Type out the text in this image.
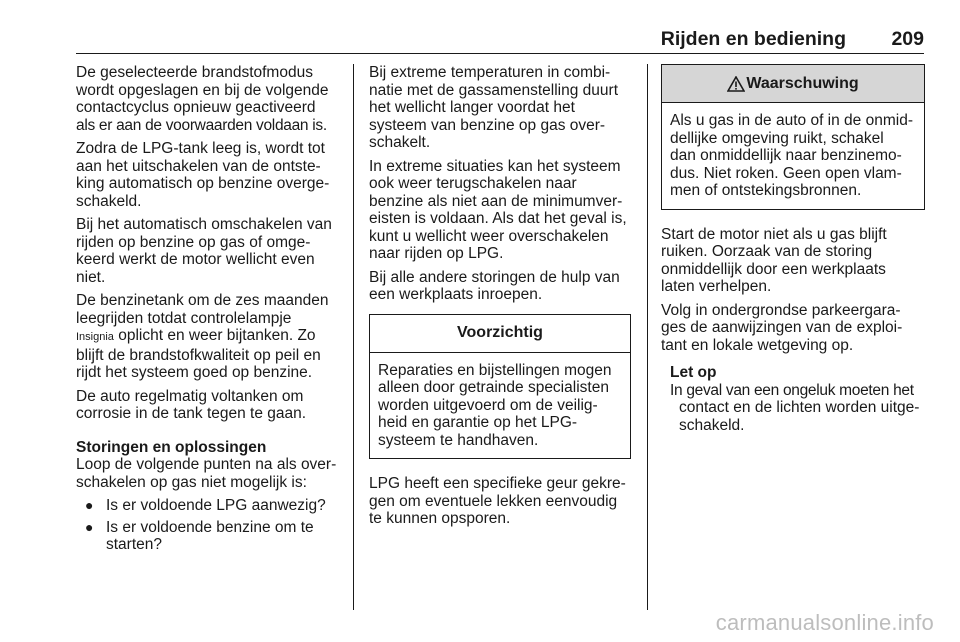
Rijden en bediening 209

De geselecteerde brandstofmodus
wordt opgeslagen en bij de volgende
contactcyclus opnieuw geactiveerd
als er aan de voorwaarden voldaan is.

Zodra de LPG-tank leeg is, wordt tot
aan het uitschakelen van de ontste-
king automatisch op benzine overge-
schakeld.

Bij het automatisch omschakelen van
rijden op benzine op gas of omge-
keerd werkt de motor wellicht even
niet.

De benzinetank om de zes maanden
leegrijden totdat controlelampje
Insignia oplicht en weer bijtanken. Zo
blijft de brandstofkwaliteit op peil en
rijdt het systeem goed op benzine.

De auto regelmatig voltanken om
corrosie in de tank tegen te gaan.

Storingen en oplossingen

Loop de volgende punten na als over-
schakelen op gas niet mogelijk is:

● Is er voldoende LPG aanwezig?
● Is er voldoende benzine om te
starten?

Bij extreme temperaturen in combi-
natie met de gassamenstelling duurt
het wellicht langer voordat het
systeem van benzine op gas over-
schakelt.

In extreme situaties kan het systeem
ook weer terugschakelen naar
benzine als niet aan de minimumver-
eisten is voldaan. Als dat het geval is,
kunt u wellicht weer overschakelen
naar rijden op LPG.

Bij alle andere storingen de hulp van
een werkplaats inroepen.

Voorzichtig
Reparaties en bijstellingen mogen
alleen door getrainde specialisten
worden uitgevoerd om de veilig-
heid en garantie op het LPG-
systeem te handhaven.

LPG heeft een specifieke geur gekre-
gen om eventuele lekken eenvoudig
te kunnen opsporen.

Waarschuwing
Als u gas in de auto of in de onmid-
dellijke omgeving ruikt, schakel
dan onmiddellijk naar benzinemo-
dus. Niet roken. Geen open vlam-
men of ontstekingsbronnen.

Start de motor niet als u gas blijft
ruiken. Oorzaak van de storing
onmiddellijk door een werkplaats
laten verhelpen.

Volg in ondergrondse parkeergara-
ges de aanwijzingen van de exploi-
tant en lokale wetgeving op.

Let op
In geval van een ongeluk moeten het
contact en de lichten worden uitge-
schakeld.
carmanualsonline.info
